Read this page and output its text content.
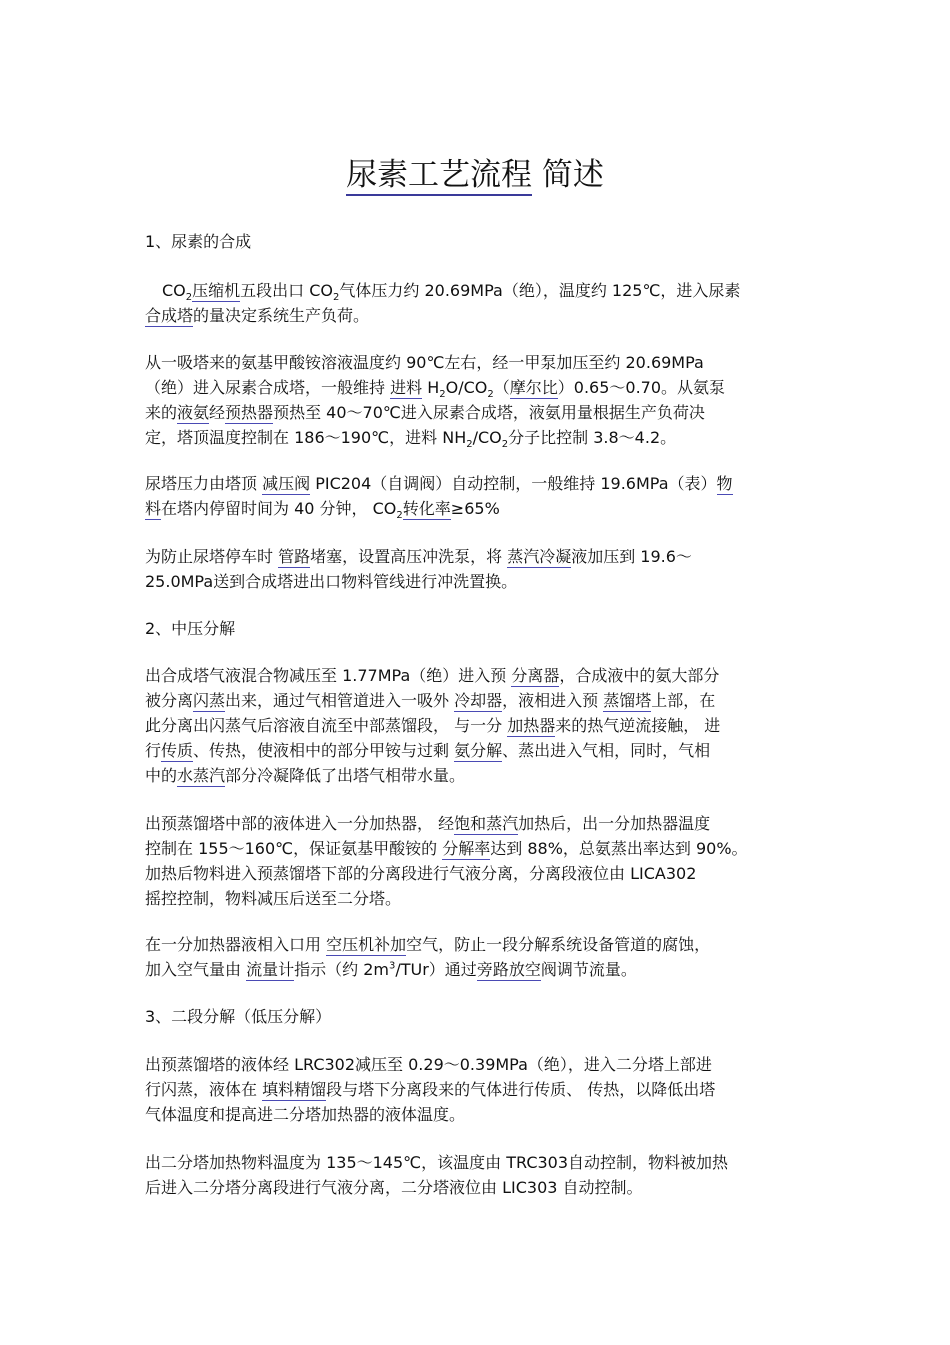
尿素工艺流程 简述

1、尿素的合成

$CO_2$压缩机五段出口 $CO_2$气体压力约 20.69MPa（绝），温度约 125℃，进入尿素

合成塔的量决定系统生产负荷。

从一吸塔来的氨基甲酸铵溶液温度约 90℃左右，经一甲泵加压至约 20.69MPa

（绝）进入尿素合成塔，一般维持 进料 $H_2O/CO_2$（摩尔比）0.65～0.70。从氨泵

来的液氨经预热器预热至 40～70℃进入尿素合成塔，液氨用量根据生产负荷决

定，塔顶温度控制在 186～190℃，进料 $NH_2/CO_2$分子比控制 3.8～4.2。

尿塔压力由塔顶 减压阀 PIC204（自调阀）自动控制，一般维持 19.6MPa（表）物

料在塔内停留时间为 40 分钟， $CO_2$转化率≥65%

为防止尿塔停车时 管路堵塞，设置高压冲洗泵，将 蒸汽冷凝液加压到 19.6～

25.0MPa送到合成塔进出口物料管线进行冲洗置换。

2、中压分解

出合成塔气液混合物减压至 1.77MPa（绝）进入预 分离器，合成液中的氨大部分

被分离闪蒸出来，通过气相管道进入一吸外 冷却器，液相进入预 蒸馏塔上部，在

此分离出闪蒸气后溶液自流至中部蒸馏段， 与一分 加热器来的热气逆流接触， 进

行传质、传热，使液相中的部分甲铵与过剩 氨分解、蒸出进入气相，同时，气相

中的水蒸汽部分冷凝降低了出塔气相带水量。

出预蒸馏塔中部的液体进入一分加热器， 经饱和蒸汽加热后，出一分加热器温度

控制在 155～160℃，保证氨基甲酸铵的 分解率达到 88%，总氨蒸出率达到 90%。

加热后物料进入预蒸馏塔下部的分离段进行气液分离，分离段液位由 LICA302

摇控控制，物料减压后送至二分塔。

在一分加热器液相入口用 空压机补加空气，防止一段分解系统设备管道的腐蚀，

加入空气量由 流量计指示（约 $2m^3/TUr$）通过旁路放空阀调节流量。

3、二段分解（低压分解）

出预蒸馏塔的液体经 LRC302减压至 0.29～0.39MPa（绝），进入二分塔上部进

行闪蒸，液体在 填料精馏段与塔下分离段来的气体进行传质、 传热，以降低出塔

气体温度和提高进二分塔加热器的液体温度。

出二分塔加热物料温度为 135～145℃，该温度由 TRC303自动控制，物料被加热

后进入二分塔分离段进行气液分离，二分塔液位由 LIC303 自动控制。
